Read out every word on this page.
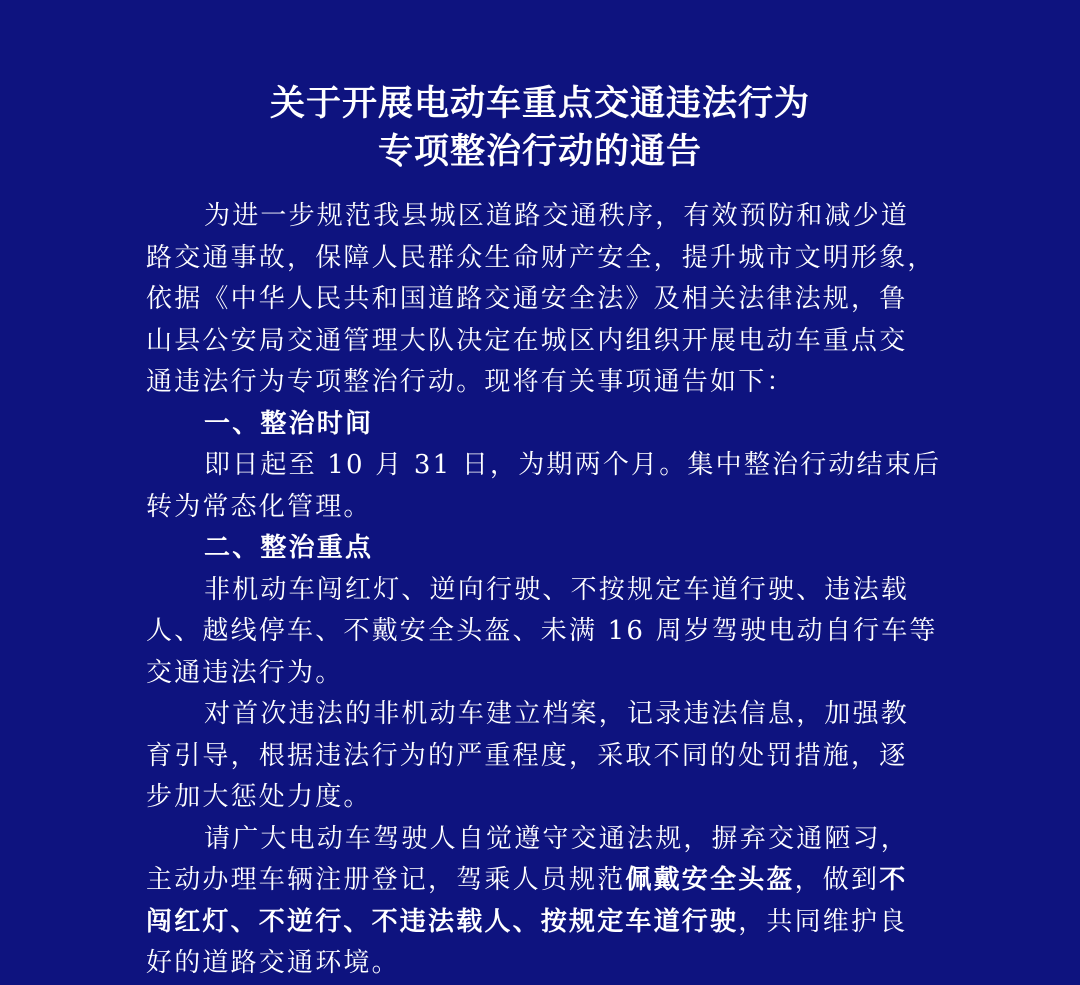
关于开展电动车重点交通违法行为
专项整治行动的通告
为进一步规范我县城区道路交通秩序，有效预防和减少道
路交通事故，保障人民群众生命财产安全，提升城市文明形象，
依据《中华人民共和国道路交通安全法》及相关法律法规，鲁
山县公安局交通管理大队决定在城区内组织开展电动车重点交
通违法行为专项整治行动。现将有关事项通告如下：
一、整治时间
即日起至 10 月 31 日，为期两个月。集中整治行动结束后
转为常态化管理。
二、整治重点
非机动车闯红灯、逆向行驶、不按规定车道行驶、违法载
人、越线停车、不戴安全头盔、未满 16 周岁驾驶电动自行车等
交通违法行为。
对首次违法的非机动车建立档案，记录违法信息，加强教
育引导，根据违法行为的严重程度，采取不同的处罚措施，逐
步加大惩处力度。
请广大电动车驾驶人自觉遵守交通法规，摒弃交通陋习，
主动办理车辆注册登记，驾乘人员规范佩戴安全头盔，做到不
闯红灯、不逆行、不违法载人、按规定车道行驶，共同维护良
好的道路交通环境。
